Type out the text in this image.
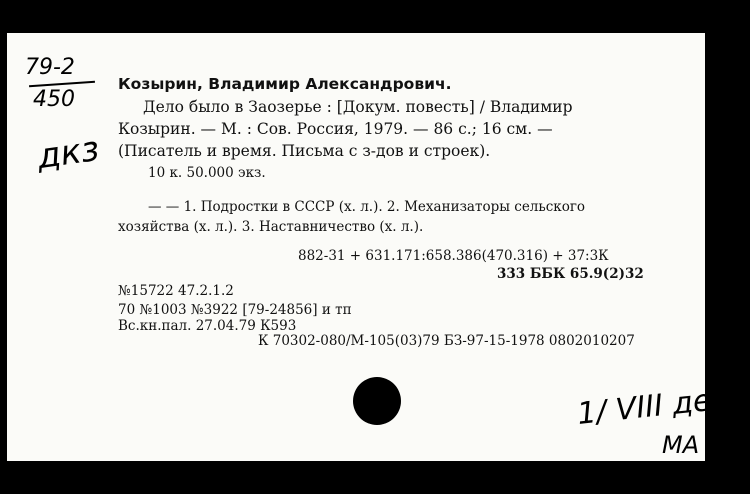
79-2
450
дкз
Козырин, Владимир Александрович.
Дело было в Заозерье : [Докум. повесть] / Владимир
Козырин. — М. : Сов. Россия, 1979. — 86 с.; 16 см. —
(Писатель и время. Письма с з-дов и строек).
10 к. 50.000 экз.
— — 1. Подростки в СССР (х. л.). 2. Механизаторы сельского
хозяйства (х. л.). 3. Наставничество (х. л.).
882-31 + 631.171:658.386(470.316) + 37:3К
333 ББК 65.9(2)32
№15722 47.2.1.2
70 №1003 №3922 [79-24856] и тп
Вс.кн.пал. 27.04.79 К593
К 70302-080/М-105(03)79 БЗ-97-15-1978 0802010207
1/ VIII ден
МА
